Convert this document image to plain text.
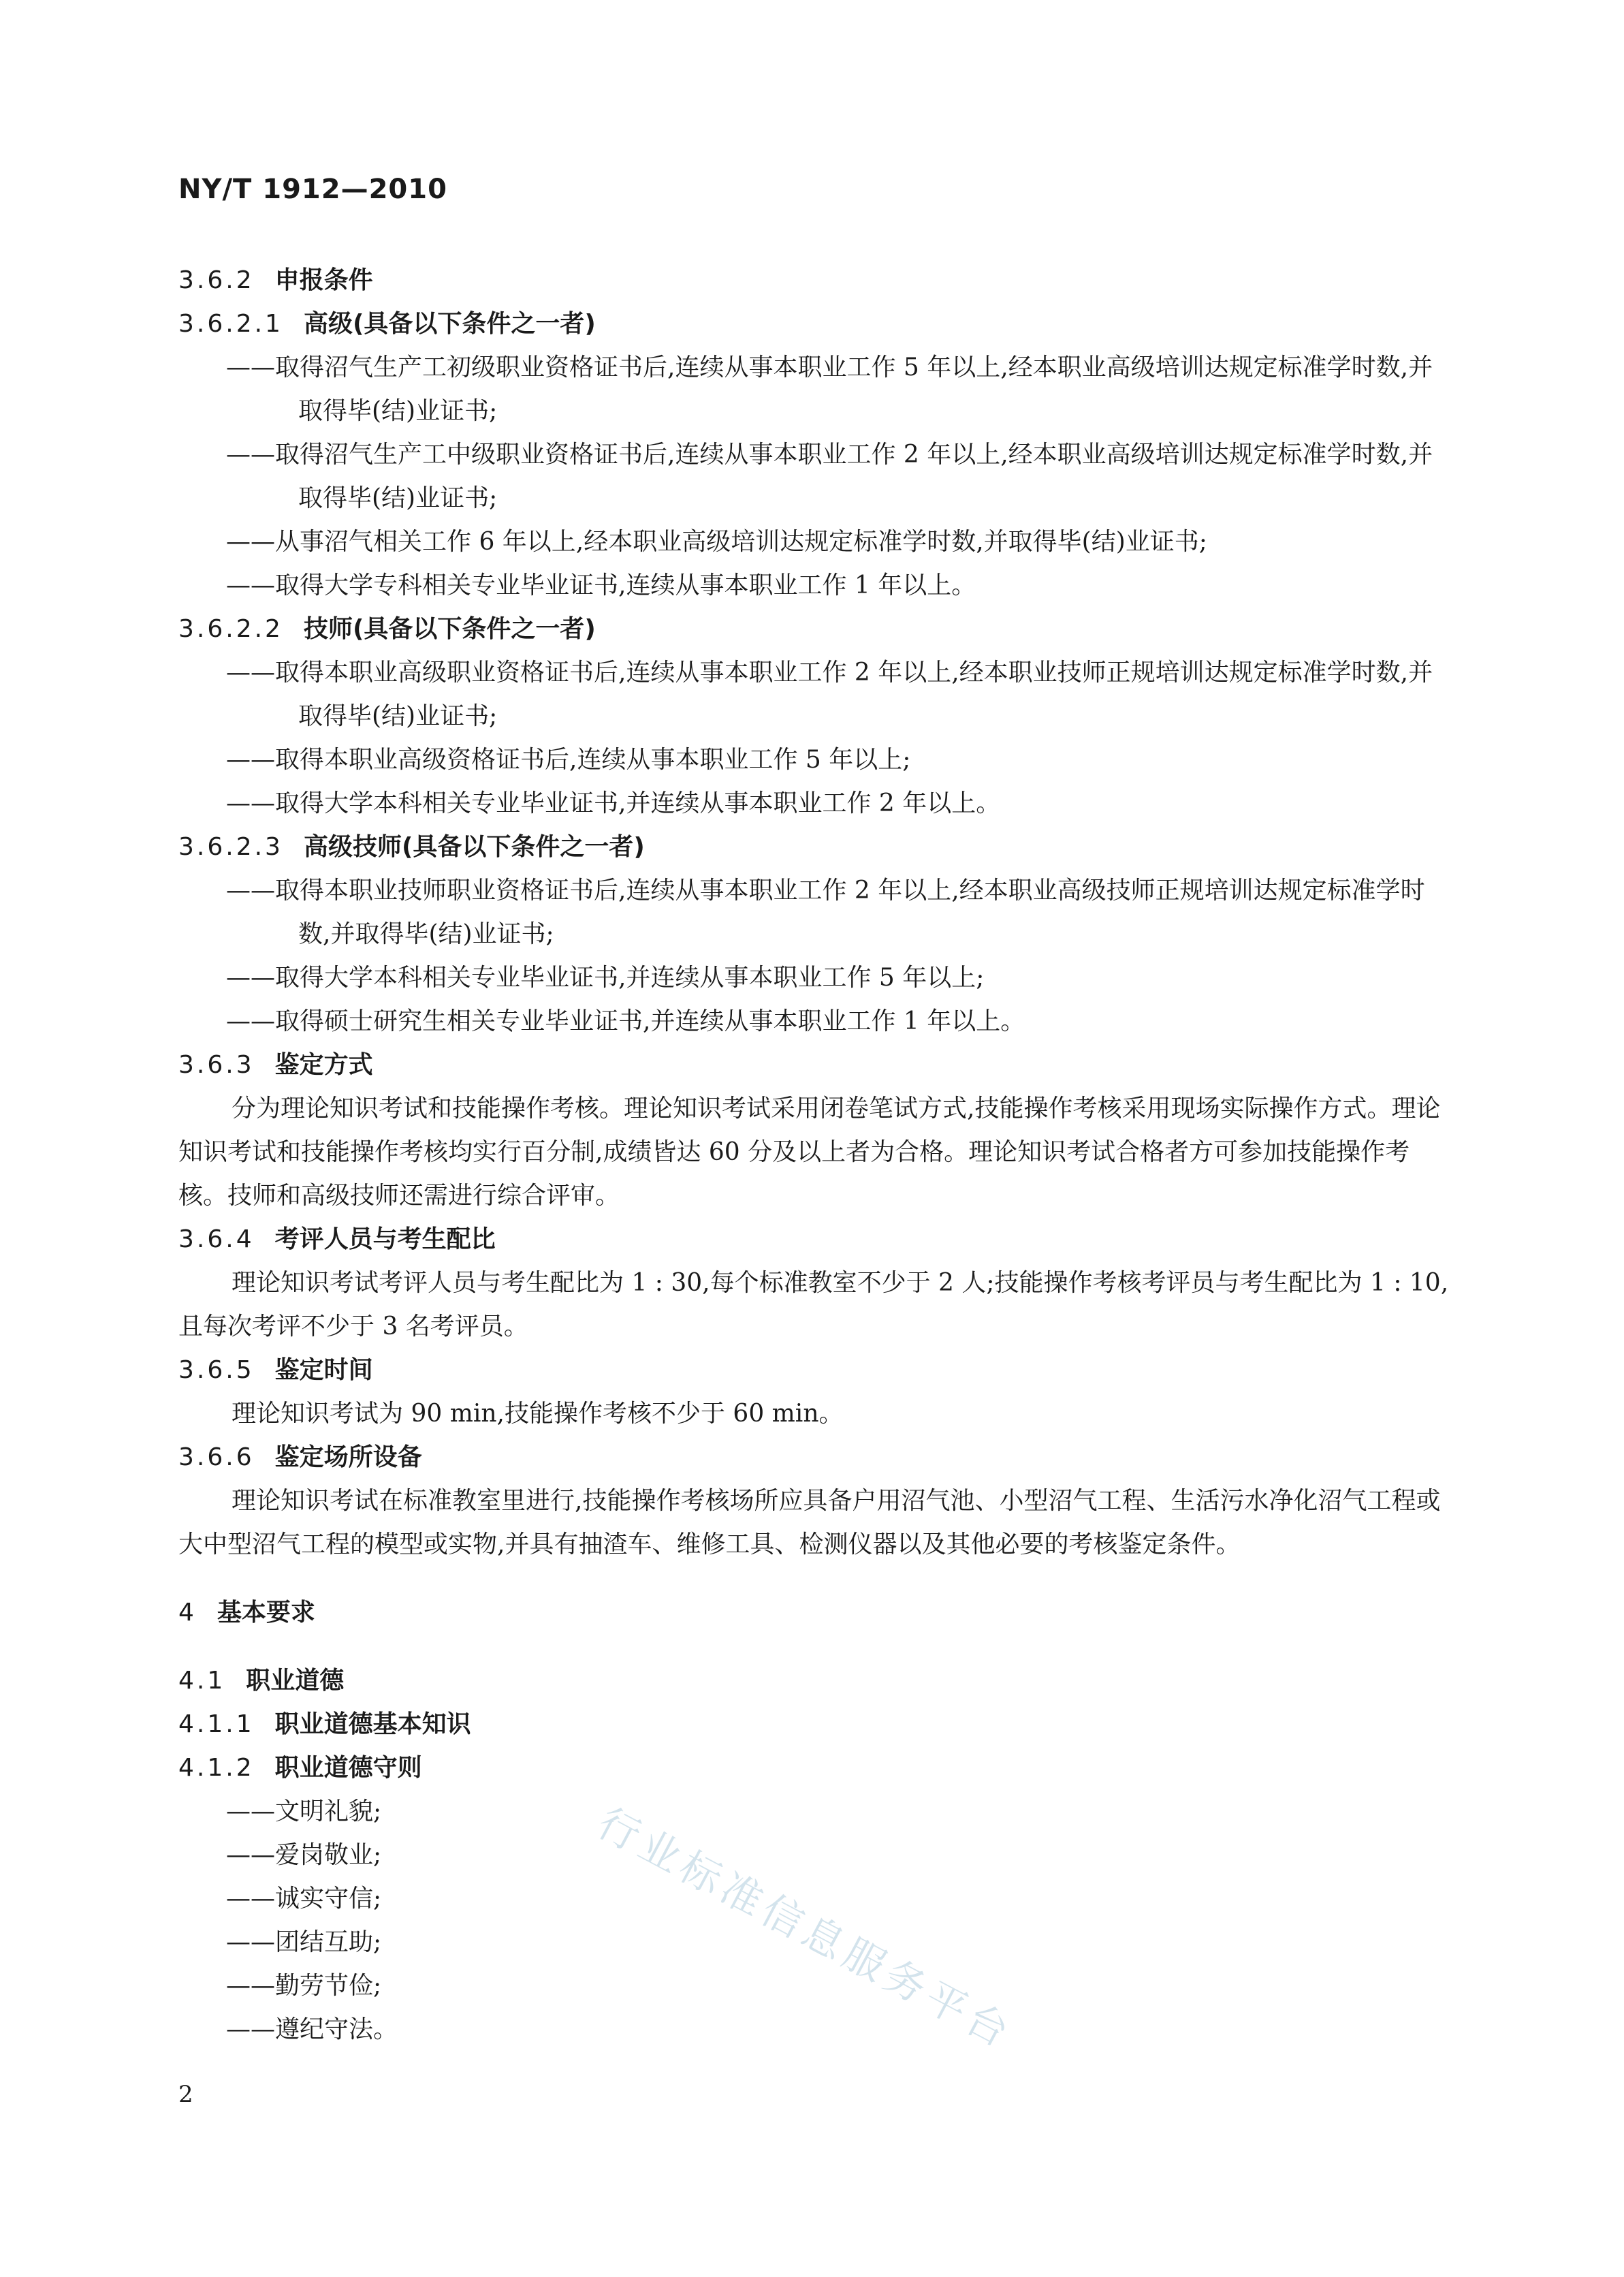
NY/T 1912—2010
3.6.2 申报条件
3.6.2.1 高级(具备以下条件之一者)

——取得沼气生产工初级职业资格证书后,连续从事本职业工作 5 年以上,经本职业高级培训达规定标准学时数,并取得毕(结)业证书;

——取得沼气生产工中级职业资格证书后,连续从事本职业工作 2 年以上,经本职业高级培训达规定标准学时数,并取得毕(结)业证书;

——从事沼气相关工作 6 年以上,经本职业高级培训达规定标准学时数,并取得毕(结)业证书;

——取得大学专科相关专业毕业证书,连续从事本职业工作 1 年以上。

3.6.2.2 技师(具备以下条件之一者)

——取得本职业高级职业资格证书后,连续从事本职业工作 2 年以上,经本职业技师正规培训达规定标准学时数,并取得毕(结)业证书;

——取得本职业高级资格证书后,连续从事本职业工作 5 年以上;

——取得大学本科相关专业毕业证书,并连续从事本职业工作 2 年以上。

3.6.2.3 高级技师(具备以下条件之一者)

——取得本职业技师职业资格证书后,连续从事本职业工作 2 年以上,经本职业高级技师正规培训达规定标准学时数,并取得毕(结)业证书;

——取得大学本科相关专业毕业证书,并连续从事本职业工作 5 年以上;

——取得硕士研究生相关专业毕业证书,并连续从事本职业工作 1 年以上。

3.6.3 鉴定方式

分为理论知识考试和技能操作考核。理论知识考试采用闭卷笔试方式,技能操作考核采用现场实际操作方式。理论知识考试和技能操作考核均实行百分制,成绩皆达 60 分及以上者为合格。理论知识考试合格者方可参加技能操作考核。技师和高级技师还需进行综合评审。

3.6.4 考评人员与考生配比

理论知识考试考评人员与考生配比为 1 : 30,每个标准教室不少于 2 人;技能操作考核考评员与考生配比为 1 : 10,且每次考评不少于 3 名考评员。

3.6.5 鉴定时间

理论知识考试为 90 min,技能操作考核不少于 60 min。

3.6.6 鉴定场所设备

理论知识考试在标准教室里进行,技能操作考核场所应具备户用沼气池、小型沼气工程、生活污水净化沼气工程或大中型沼气工程的模型或实物,并具有抽渣车、维修工具、检测仪器以及其他必要的考核鉴定条件。

4 基本要求
4.1 职业道德
4.1.1 职业道德基本知识
4.1.2 职业道德守则

——文明礼貌;

——爱岗敬业;

——诚实守信;

——团结互助;

——勤劳节俭;

——遵纪守法。	行业标准信息服务平台
2
